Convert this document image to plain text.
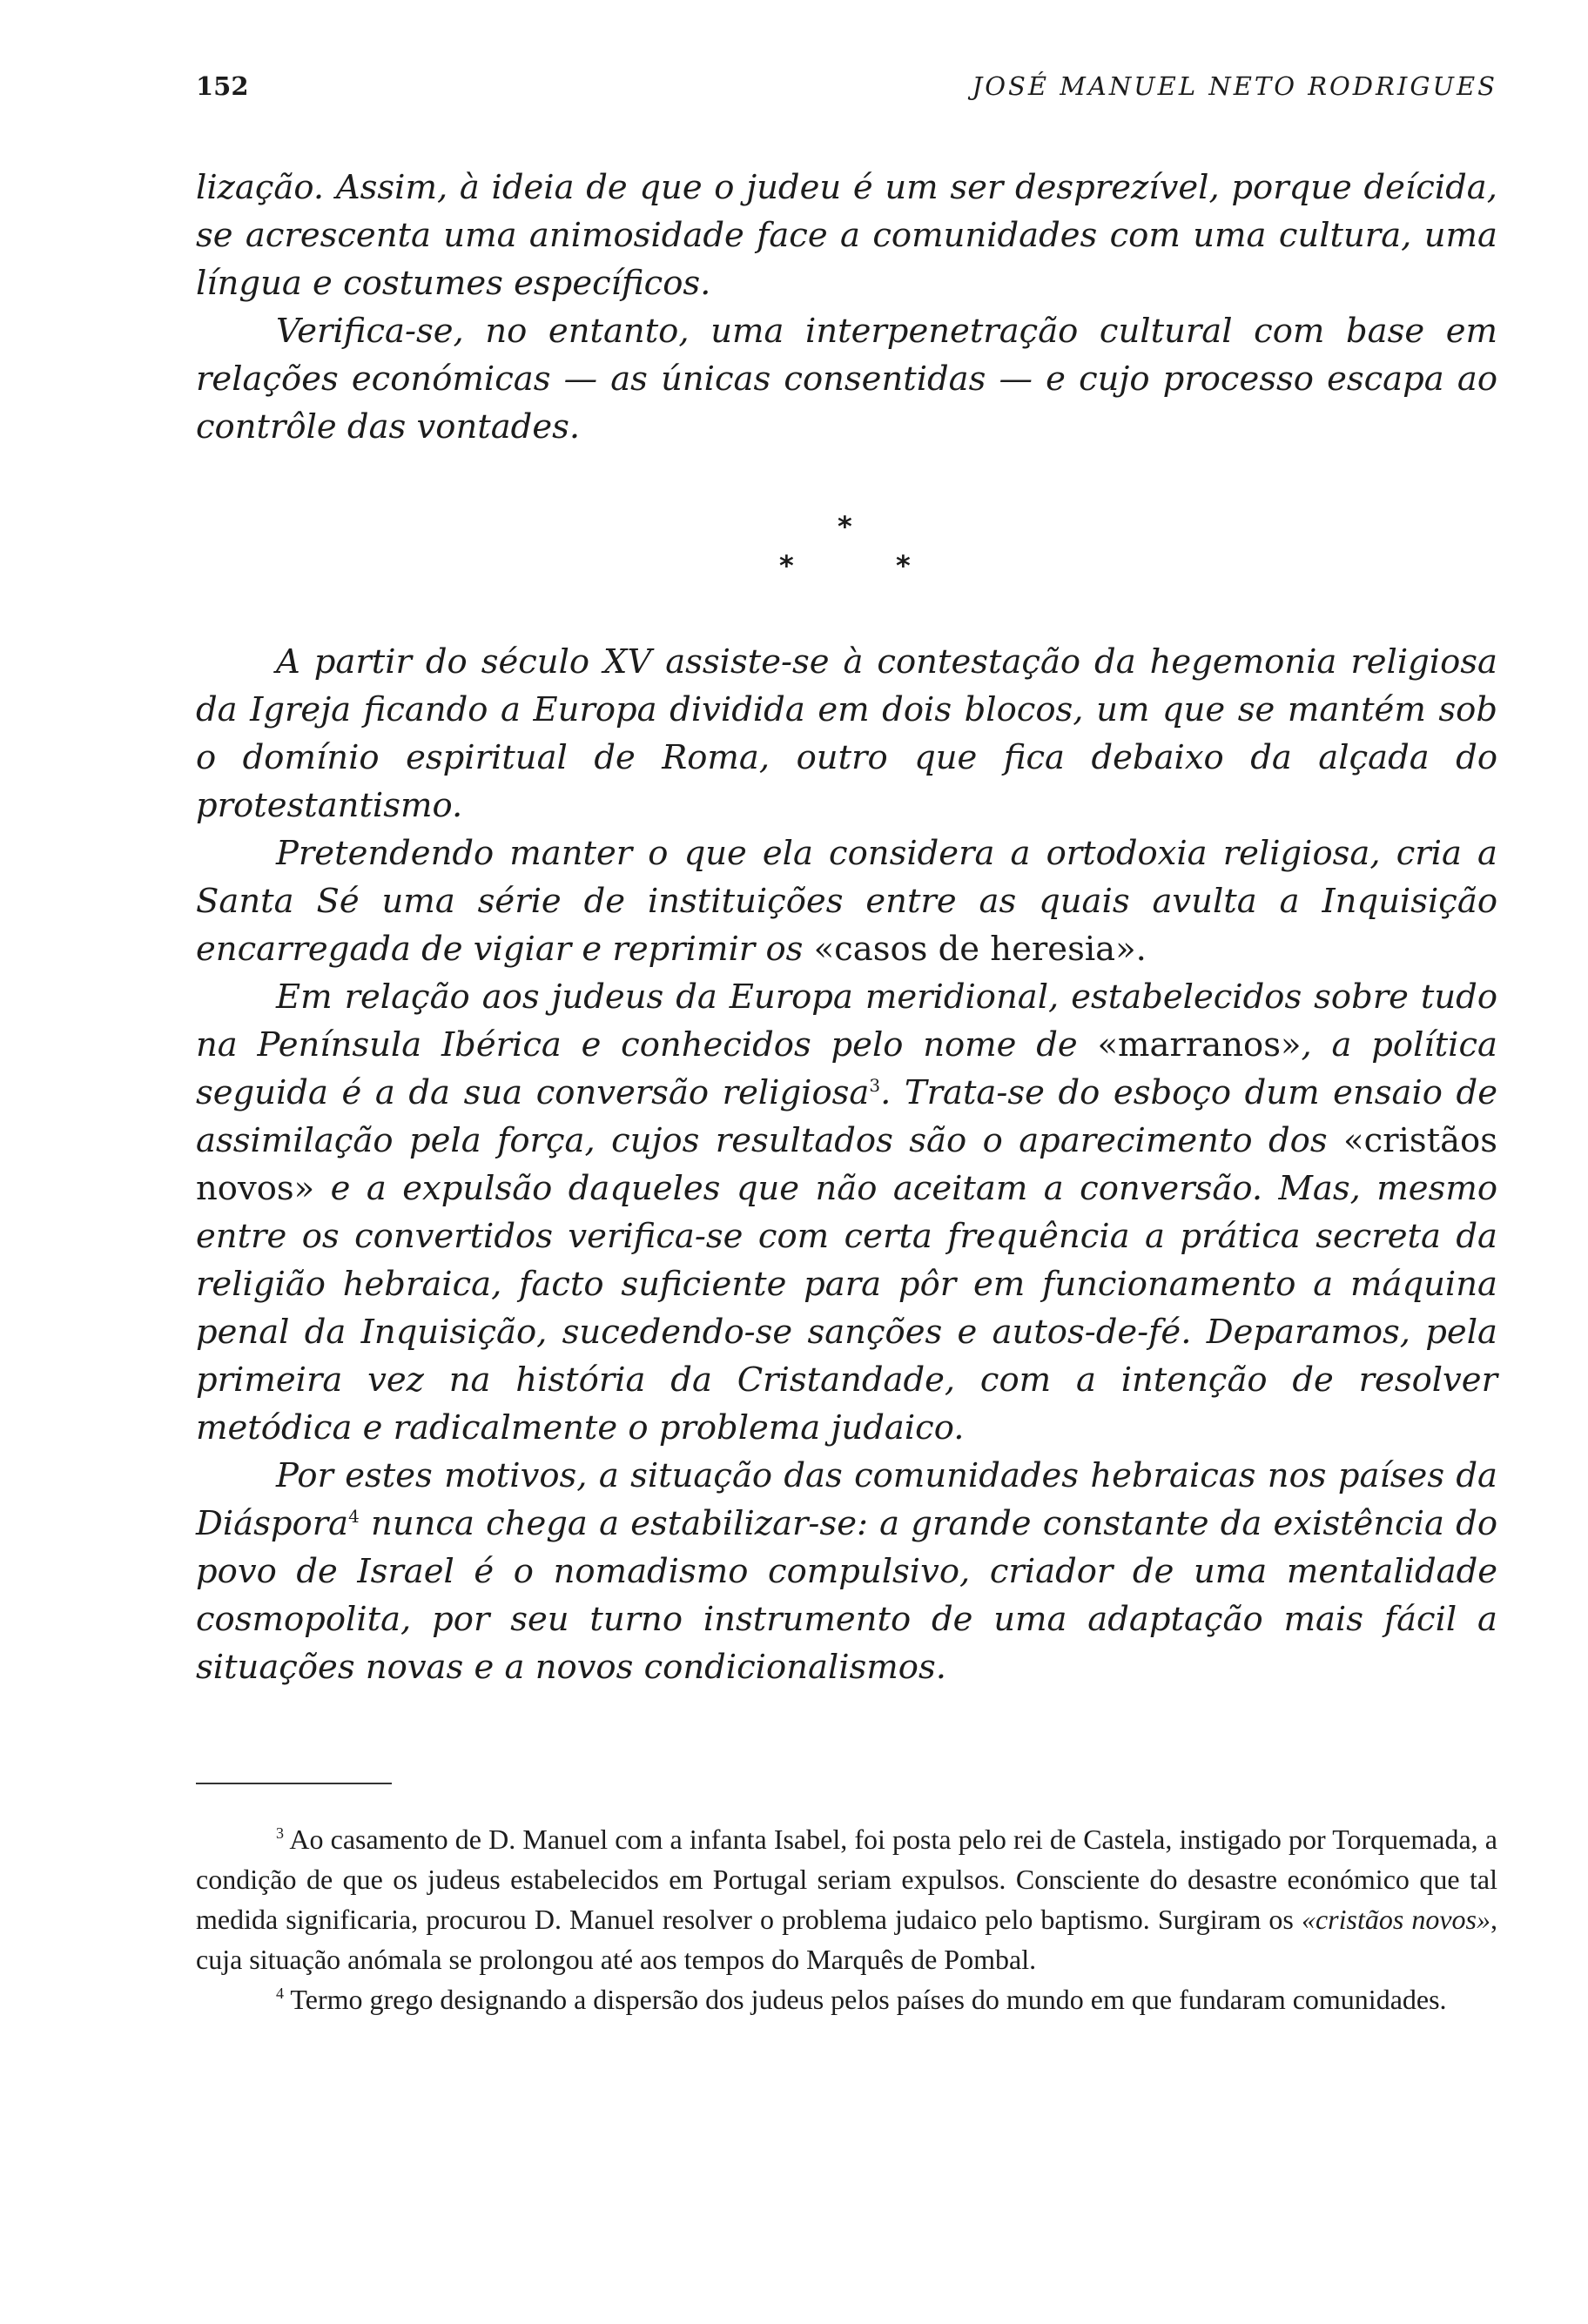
152	JOSÉ MANUEL NETO RODRIGUES

lização. Assim, à ideia de que o judeu é um ser desprezível, porque deícida, se acrescenta uma animosidade face a comunidades com uma cultura, uma língua e costumes específicos.

Verifica-se, no entanto, uma interpenetração cultural com base em relações económicas — as únicas consentidas — e cujo processo escapa ao contrôle das vontades.

*
*	*

A partir do século XV assiste-se à contestação da hegemonia religiosa da Igreja ficando a Europa dividida em dois blocos, um que se mantém sob o domínio espiritual de Roma, outro que fica debaixo da alçada do protestantismo.

Pretendendo manter o que ela considera a ortodoxia religiosa, cria a Santa Sé uma série de instituições entre as quais avulta a Inquisição encarregada de vigiar e reprimir os «casos de heresia».

Em relação aos judeus da Europa meridional, estabelecidos sobre tudo na Península Ibérica e conhecidos pelo nome de «marranos», a política seguida é a da sua conversão religiosa$^3$. Trata-se do esboço dum ensaio de assimilação pela força, cujos resultados são o aparecimento dos «cristãos novos» e a expulsão daqueles que não aceitam a conversão. Mas, mesmo entre os convertidos verifica-se com certa frequência a prática secreta da religião hebraica, facto suficiente para pôr em funcionamento a máquina penal da Inquisição, sucedendo-se sanções e autos-de-fé. Deparamos, pela primeira vez na história da Cristandade, com a intenção de resolver metódica e radicalmente o problema judaico.

Por estes motivos, a situação das comunidades hebraicas nos países da Diáspora$^4$ nunca chega a estabilizar-se: a grande constante da existência do povo de Israel é o nomadismo compulsivo, criador de uma mentalidade cosmopolita, por seu turno instrumento de uma adaptação mais fácil a situações novas e a novos condicionalismos.

$^3$ Ao casamento de D. Manuel com a infanta Isabel, foi posta pelo rei de Castela, instigado por Torquemada, a condição de que os judeus estabelecidos em Portugal seriam expulsos. Consciente do desastre económico que tal medida significaria, procurou D. Manuel resolver o problema judaico pelo baptismo. Surgiram os «cristãos novos», cuja situação anómala se prolongou até aos tempos do Marquês de Pombal.

$^4$ Termo grego designando a dispersão dos judeus pelos países do mundo em que fundaram comunidades.
